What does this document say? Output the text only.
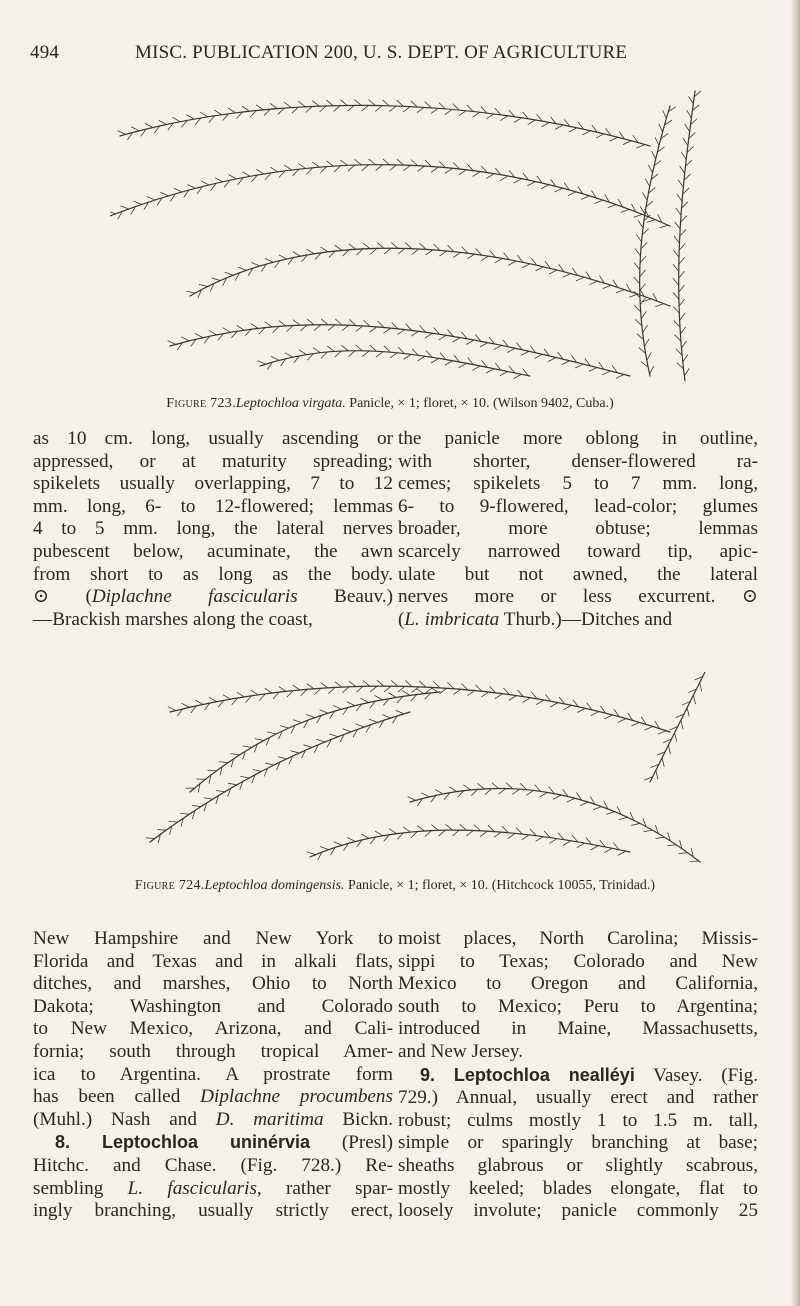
494	MISC. PUBLICATION 200, U. S. DEPT. OF AGRICULTURE
Figure 723.Leptochloa virgata. Panicle, × 1; floret, × 10. (Wilson 9402, Cuba.)
as 10 cm. long, usually ascending or
appressed, or at maturity spreading;
spikelets usually overlapping, 7 to 12
mm. long, 6- to 12-flowered; lemmas
4 to 5 mm. long, the lateral nerves
pubescent below, acuminate, the awn
from short to as long as the body.
⊙ (Diplachne fascicularis Beauv.)
—Brackish marshes along the coast,
the panicle more oblong in outline,
with shorter, denser-flowered ra-
cemes; spikelets 5 to 7 mm. long,
6- to 9-flowered, lead-color; glumes
broader, more obtuse; lemmas
scarcely narrowed toward tip, apic-
ulate but not awned, the lateral
nerves more or less excurrent. ⊙
(L. imbricata Thurb.)—Ditches and
Figure 724.Leptochloa domingensis. Panicle, × 1; floret, × 10. (Hitchcock 10055, Trinidad.)
New Hampshire and New York to
Florida and Texas and in alkali flats,
ditches, and marshes, Ohio to North
Dakota; Washington and Colorado
to New Mexico, Arizona, and Cali-
fornia; south through tropical Amer-
ica to Argentina. A prostrate form
has been called Diplachne procumbens
(Muhl.) Nash and D. maritima Bickn.
8. Leptochloa uninérvia (Presl)
Hitchc. and Chase. (Fig. 728.) Re-
sembling L. fascicularis, rather spar-
ingly branching, usually strictly erect,
moist places, North Carolina; Missis-
sippi to Texas; Colorado and New
Mexico to Oregon and California,
south to Mexico; Peru to Argentina;
introduced in Maine, Massachusetts,
and New Jersey.
9. Leptochloa nealléyi Vasey. (Fig.
729.) Annual, usually erect and rather
robust; culms mostly 1 to 1.5 m. tall,
simple or sparingly branching at base;
sheaths glabrous or slightly scabrous,
mostly keeled; blades elongate, flat to
loosely involute; panicle commonly 25
